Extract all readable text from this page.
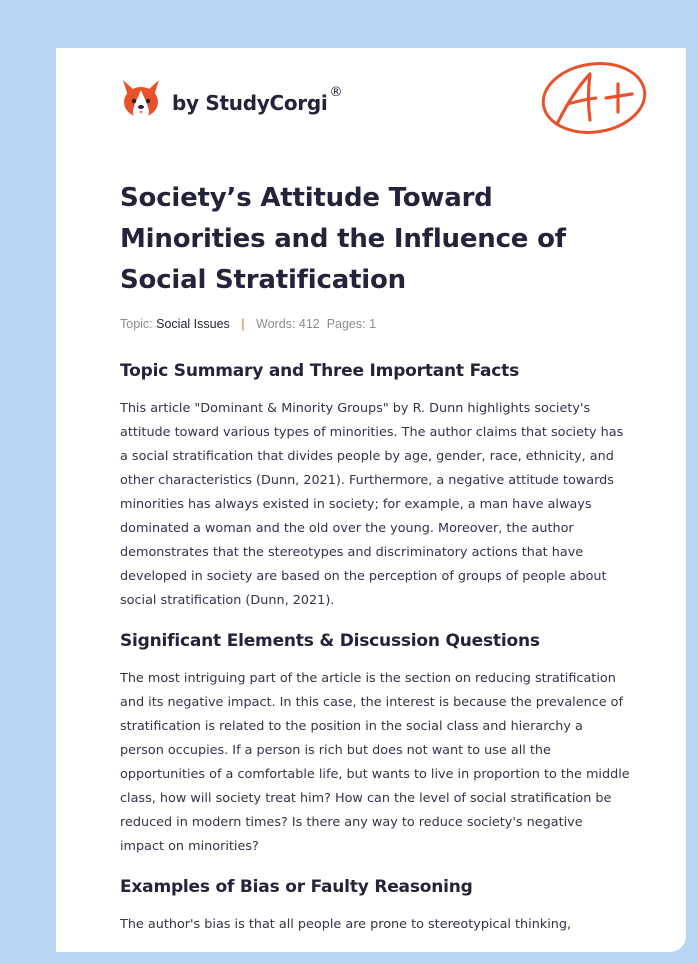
by StudyCorgi ®
Society’s Attitude Toward Minorities and the Influence of Social Stratification
Topic: Social Issues | Words: 412 Pages: 1
Topic Summary and Three Important Facts

This article "Dominant & Minority Groups" by R. Dunn highlights society's attitude toward various types of minorities. The author claims that society has a social stratification that divides people by age, gender, race, ethnicity, and other characteristics (Dunn, 2021). Furthermore, a negative attitude towards minorities has always existed in society; for example, a man have always dominated a woman and the old over the young. Moreover, the author demonstrates that the stereotypes and discriminatory actions that have developed in society are based on the perception of groups of people about social stratification (Dunn, 2021).

Significant Elements & Discussion Questions

The most intriguing part of the article is the section on reducing stratification and its negative impact. In this case, the interest is because the prevalence of stratification is related to the position in the social class and hierarchy a person occupies. If a person is rich but does not want to use all the opportunities of a comfortable life, but wants to live in proportion to the middle class, how will society treat him? How can the level of social stratification be reduced in modern times? Is there any way to reduce society's negative impact on minorities?

Examples of Bias or Faulty Reasoning

The author's bias is that all people are prone to stereotypical thinking,
